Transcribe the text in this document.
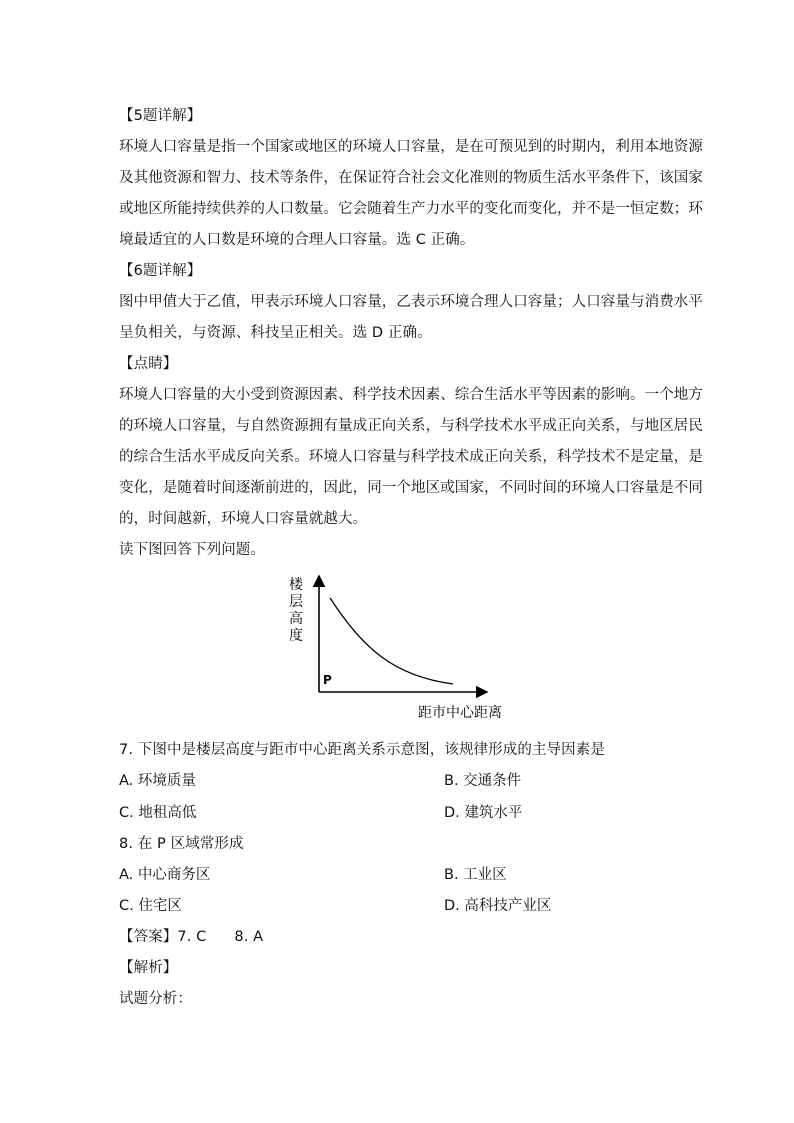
【5题详解】
环境人口容量是指一个国家或地区的环境人口容量，是在可预见到的时期内，利用本地资源
及其他资源和智力、技术等条件，在保证符合社会文化准则的物质生活水平条件下，该国家
或地区所能持续供养的人口数量。它会随着生产力水平的变化而变化，并不是一恒定数；环
境最适宜的人口数是环境的合理人口容量。选 C 正确。
【6题详解】
图中甲值大于乙值，甲表示环境人口容量，乙表示环境合理人口容量；人口容量与消费水平
呈负相关，与资源、科技呈正相关。选 D 正确。
【点睛】
环境人口容量的大小受到资源因素、科学技术因素、综合生活水平等因素的影响。一个地方
的环境人口容量，与自然资源拥有量成正向关系，与科学技术水平成正向关系，与地区居民
的综合生活水平成反向关系。环境人口容量与科学技术成正向关系，科学技术不是定量，是
变化，是随着时间逐渐前进的，因此，同一个地区或国家，不同时间的环境人口容量是不同
的，时间越新，环境人口容量就越大。
读下图回答下列问题。
楼
层
高
度
P
距市中心距离
7. 下图中是楼层高度与距市中心距离关系示意图，该规律形成的主导因素是
A. 环境质量	B. 交通条件
C. 地租高低	D. 建筑水平
8. 在 P 区域常形成
A. 中心商务区	B. 工业区
C. 住宅区	D. 高科技产业区
【答案】7. C 8. A
【解析】
试题分析：
